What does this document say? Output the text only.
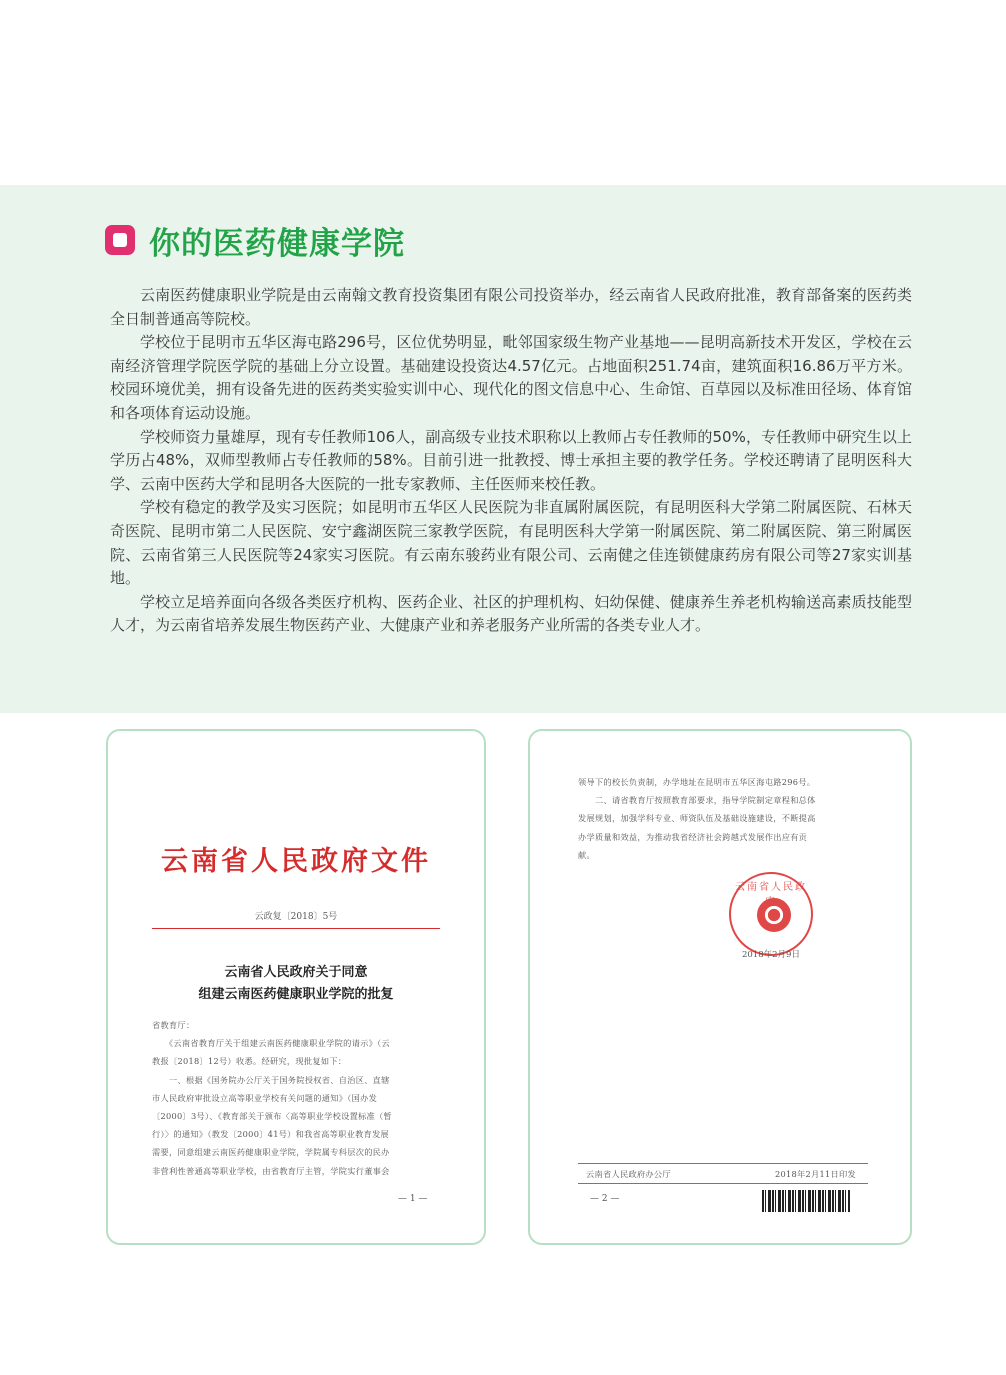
你的医药健康学院

云南医药健康职业学院是由云南翰文教育投资集团有限公司投资举办，经云南省人民政府批准，教育部备案的医药类全日制普通高等院校。

学校位于昆明市五华区海屯路296号，区位优势明显，毗邻国家级生物产业基地——昆明高新技术开发区，学校在云南经济管理学院医学院的基础上分立设置。基础建设投资达4.57亿元。占地面积251.74亩，建筑面积16.86万平方米。校园环境优美，拥有设备先进的医药类实验实训中心、现代化的图文信息中心、生命馆、百草园以及标准田径场、体育馆和各项体育运动设施。

学校师资力量雄厚，现有专任教师106人，副高级专业技术职称以上教师占专任教师的50%，专任教师中研究生以上学历占48%，双师型教师占专任教师的58%。目前引进一批教授、博士承担主要的教学任务。学校还聘请了昆明医科大学、云南中医药大学和昆明各大医院的一批专家教师、主任医师来校任教。

学校有稳定的教学及实习医院；如昆明市五华区人民医院为非直属附属医院，有昆明医科大学第二附属医院、石林天奇医院、昆明市第二人民医院、安宁鑫湖医院三家教学医院，有昆明医科大学第一附属医院、第二附属医院、第三附属医院、云南省第三人民医院等24家实习医院。有云南东骏药业有限公司、云南健之佳连锁健康药房有限公司等27家实训基地。

学校立足培养面向各级各类医疗机构、医药企业、社区的护理机构、妇幼保健、健康养生养老机构输送高素质技能型人才，为云南省培养发展生物医药产业、大健康产业和养老服务产业所需的各类专业人才。

云南省人民政府文件
云政复〔2018〕5号
云南省人民政府关于同意
组建云南医药健康职业学院的批复
省教育厅：
　　《云南省教育厅关于组建云南医药健康职业学院的请示》（云
教报〔2018〕12号）收悉。经研究，现批复如下：
　　一、根据《国务院办公厅关于国务院授权省、自治区、直辖
市人民政府审批设立高等职业学校有关问题的通知》（国办发
〔2000〕3号）、《教育部关于颁布〈高等职业学校设置标准（暂
行）〉的通知》（教发〔2000〕41号）和我省高等职业教育发展
需要，同意组建云南医药健康职业学院，学院属专科层次的民办
非营利性普通高等职业学校，由省教育厅主管，学院实行董事会
— 1 —
领导下的校长负责制，办学地址在昆明市五华区海屯路296号。
　　二、请省教育厅按照教育部要求，指导学院制定章程和总体
发展规划，加强学科专业、师资队伍及基础设施建设，不断提高
办学质量和效益，为推动我省经济社会跨越式发展作出应有贡
献。
云南省人民政
2018年2月9日
云南省人民政府办公厅	2018年2月11日印发
— 2 —
